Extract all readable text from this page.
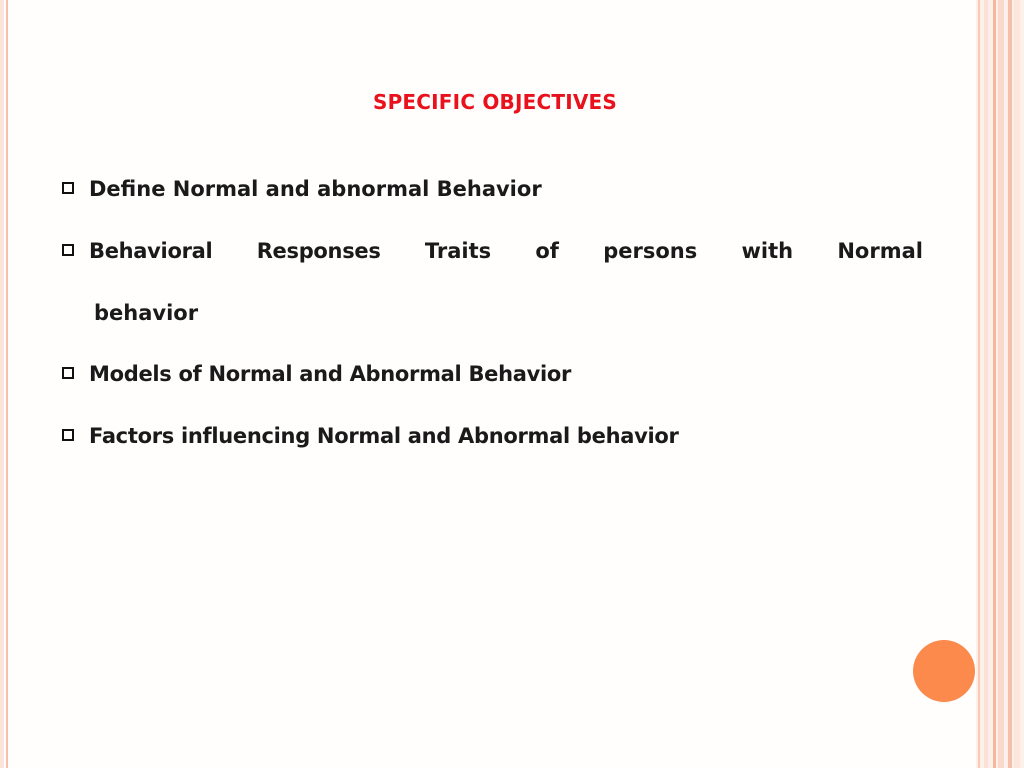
SPECIFIC OBJECTIVES
Define Normal and abnormal Behavior
Behavioral Responses Traits of persons with Normal
behavior
Models of Normal and Abnormal Behavior
Factors influencing Normal and Abnormal behavior
